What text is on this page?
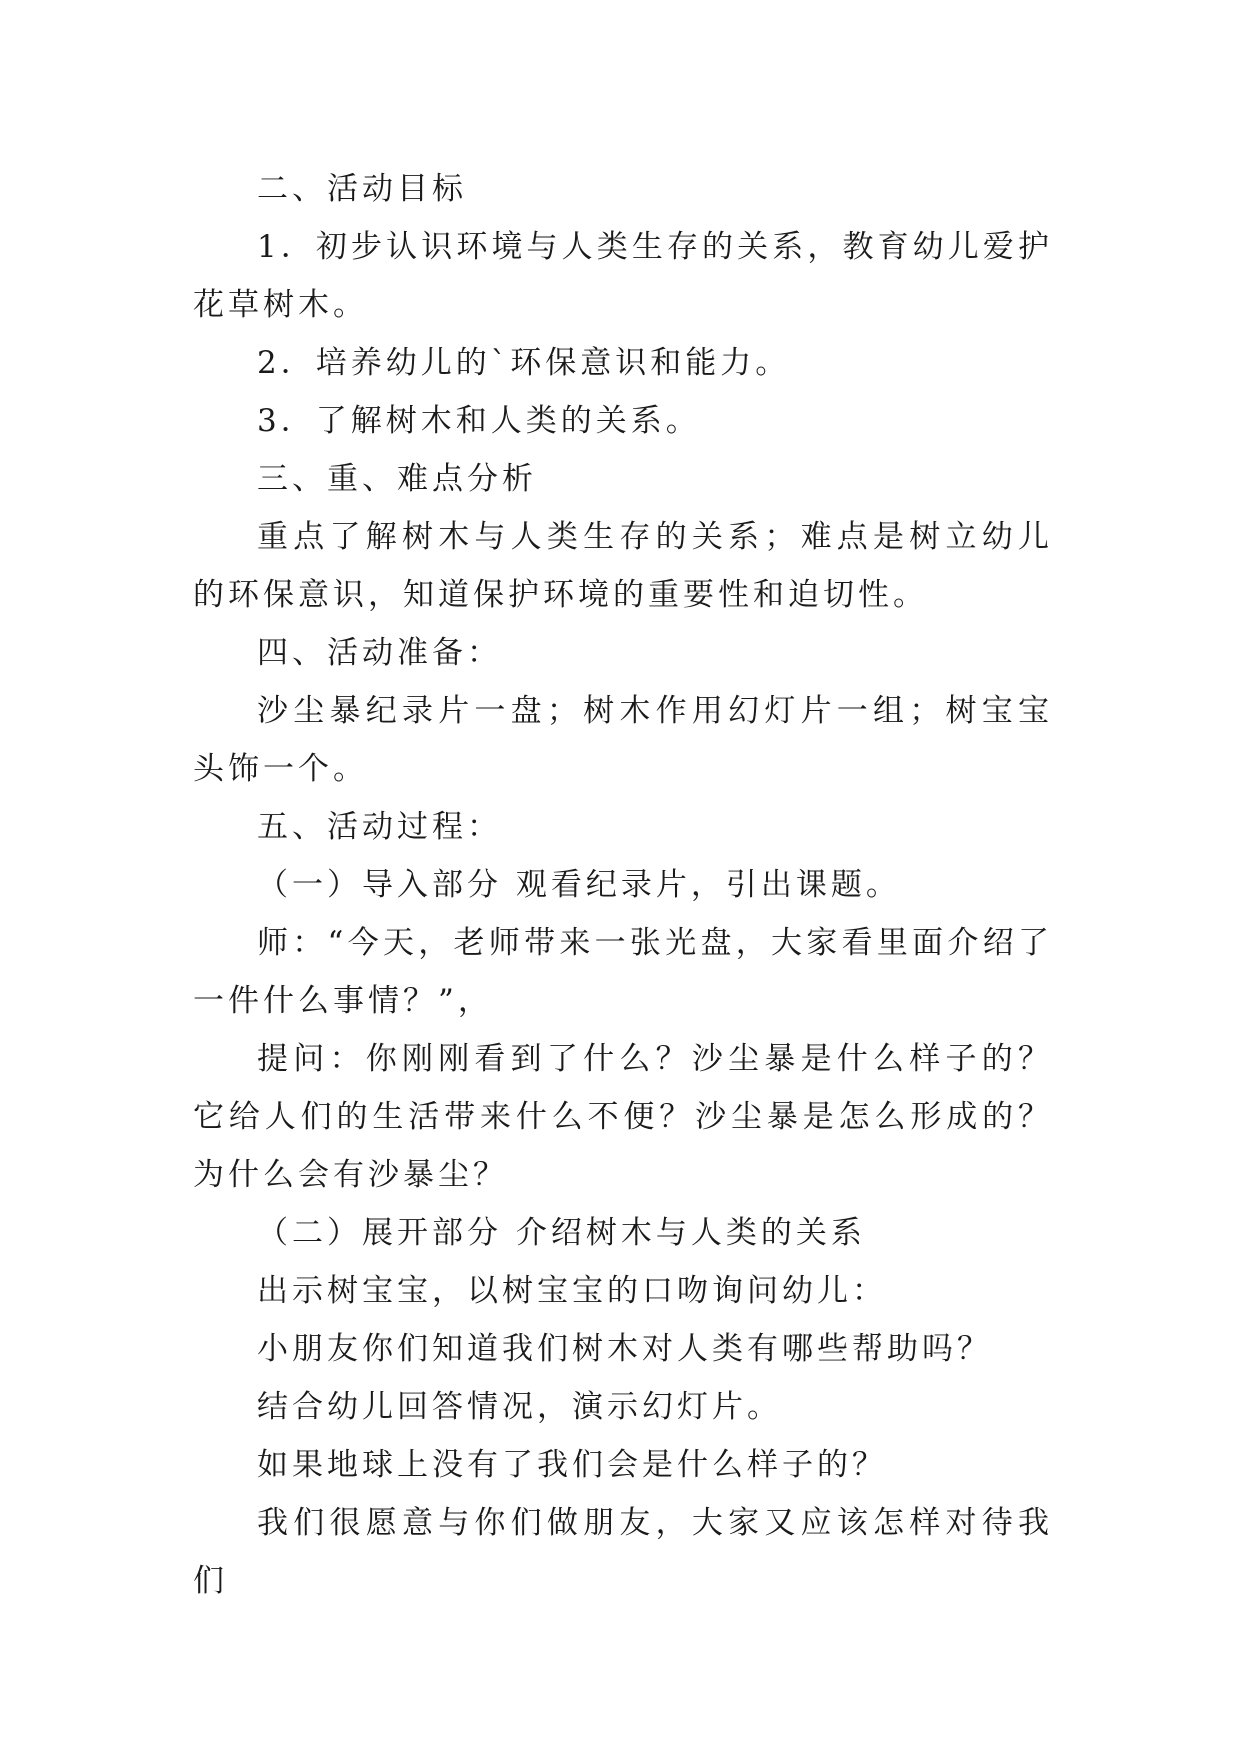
二、活动目标

1．初步认识环境与人类生存的关系，教育幼儿爱护花草树木。

2．培养幼儿的`环保意识和能力。

3．了解树木和人类的关系。

三、重、难点分析

重点了解树木与人类生存的关系；难点是树立幼儿的环保意识，知道保护环境的重要性和迫切性。

四、活动准备：

沙尘暴纪录片一盘；树木作用幻灯片一组；树宝宝头饰一个。

五、活动过程：

（一）导入部分 观看纪录片，引出课题。

师：“今天，老师带来一张光盘，大家看里面介绍了一件什么事情？”，

提问：你刚刚看到了什么？沙尘暴是什么样子的？它给人们的生活带来什么不便？沙尘暴是怎么形成的？为什么会有沙暴尘？

（二）展开部分 介绍树木与人类的关系

出示树宝宝，以树宝宝的口吻询问幼儿：

小朋友你们知道我们树木对人类有哪些帮助吗？

结合幼儿回答情况，演示幻灯片。

如果地球上没有了我们会是什么样子的？

我们很愿意与你们做朋友，大家又应该怎样对待我们
